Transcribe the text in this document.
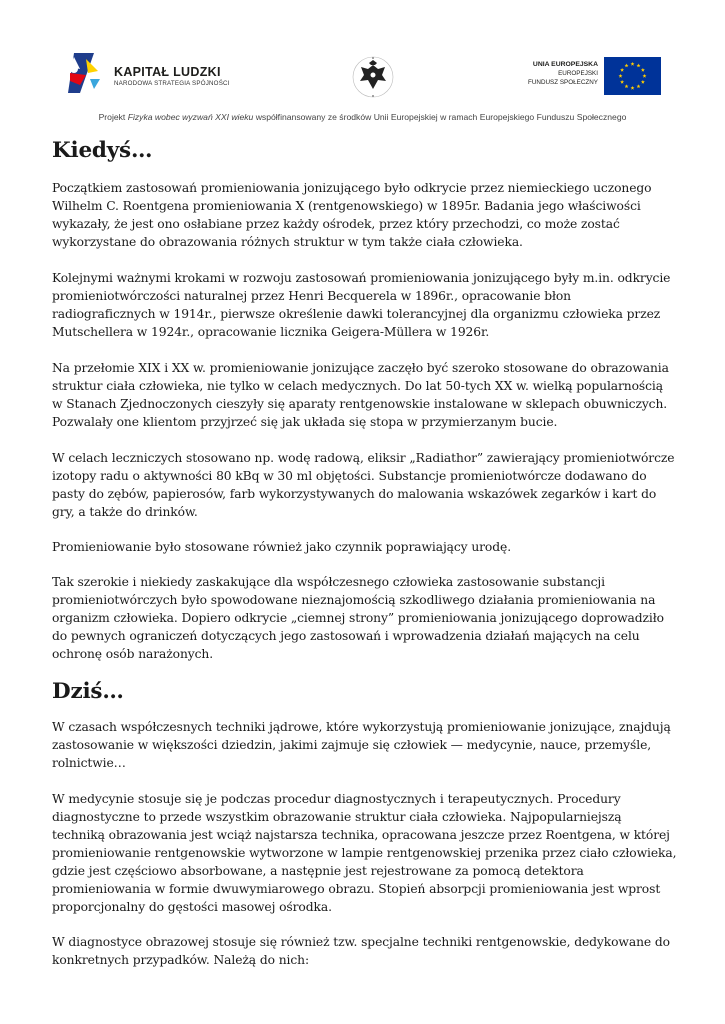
KAPITAŁ LUDZKI
NARODOWA STRATEGIA SPÓJNOŚCI
UNIA EUROPEJSKA
EUROPEJSKI
FUNDUSZ SPOŁECZNY
Projekt Fizyka wobec wyzwań XXI wieku współfinansowany ze środków Unii Europejskiej w ramach Europejskiego Funduszu Społecznego
Kiedyś…

Początkiem zastosowań promieniowania jonizującego było odkrycie przez niemieckiego uczonego Wilhelm C. Roentgena promieniowania X (rentgenowskiego) w 1895r. Badania jego właściwości wykazały, że jest ono osłabiane przez każdy ośrodek, przez który przechodzi, co może zostać wykorzystane do obrazowania różnych struktur w tym także ciała człowieka.

Kolejnymi ważnymi krokami w rozwoju zastosowań promieniowania jonizującego były m.in. odkrycie promieniotwórczości naturalnej przez Henri Becquerela w 1896r., opracowanie błon radiograficznych w 1914r., pierwsze określenie dawki tolerancyjnej dla organizmu człowieka przez Mutschellera w 1924r., opracowanie licznika Geigera-Müllera w 1926r.

Na przełomie XIX i XX w. promieniowanie jonizujące zaczęło być szeroko stosowane do obrazowania struktur ciała człowieka, nie tylko w celach medycznych. Do lat 50-tych XX w. wielką popularnością w Stanach Zjednoczonych cieszyły się aparaty rentgenowskie instalowane w sklepach obuwniczych. Pozwalały one klientom przyjrzeć się jak układa się stopa w przymierzanym bucie.

W celach leczniczych stosowano np. wodę radową, eliksir „Radiathor” zawierający promieniotwórcze izotopy radu o aktywności 80 kBq w 30 ml objętości. Substancje promieniotwórcze dodawano do pasty do zębów, papierosów, farb wykorzystywanych do malowania wskazówek zegarków i kart do gry, a także do drinków.

Promieniowanie było stosowane również jako czynnik poprawiający urodę.

Tak szerokie i niekiedy zaskakujące dla współczesnego człowieka zastosowanie substancji promieniotwórczych było spowodowane nieznajomością szkodliwego działania promieniowania na organizm człowieka. Dopiero odkrycie „ciemnej strony” promieniowania jonizującego doprowadziło do pewnych ograniczeń dotyczących jego zastosowań i wprowadzenia działań mających na celu ochronę osób narażonych.

Dziś…

W czasach współczesnych techniki jądrowe, które wykorzystują promieniowanie jonizujące, znajdują zastosowanie w większości dziedzin, jakimi zajmuje się człowiek — medycynie, nauce, przemyśle, rolnictwie…

W medycynie stosuje się je podczas procedur diagnostycznych i terapeutycznych. Procedury diagnostyczne to przede wszystkim obrazowanie struktur ciała człowieka. Najpopularniejszą techniką obrazowania jest wciąż najstarsza technika, opracowana jeszcze przez Roentgena, w której promieniowanie rentgenowskie wytworzone w lampie rentgenowskiej przenika przez ciało człowieka, gdzie jest częściowo absorbowane, a następnie jest rejestrowane za pomocą detektora promieniowania w formie dwuwymiarowego obrazu. Stopień absorpcji promieniowania jest wprost proporcjonalny do gęstości masowej ośrodka.

W diagnostyce obrazowej stosuje się również tzw. specjalne techniki rentgenowskie, dedykowane do konkretnych przypadków. Należą do nich:
